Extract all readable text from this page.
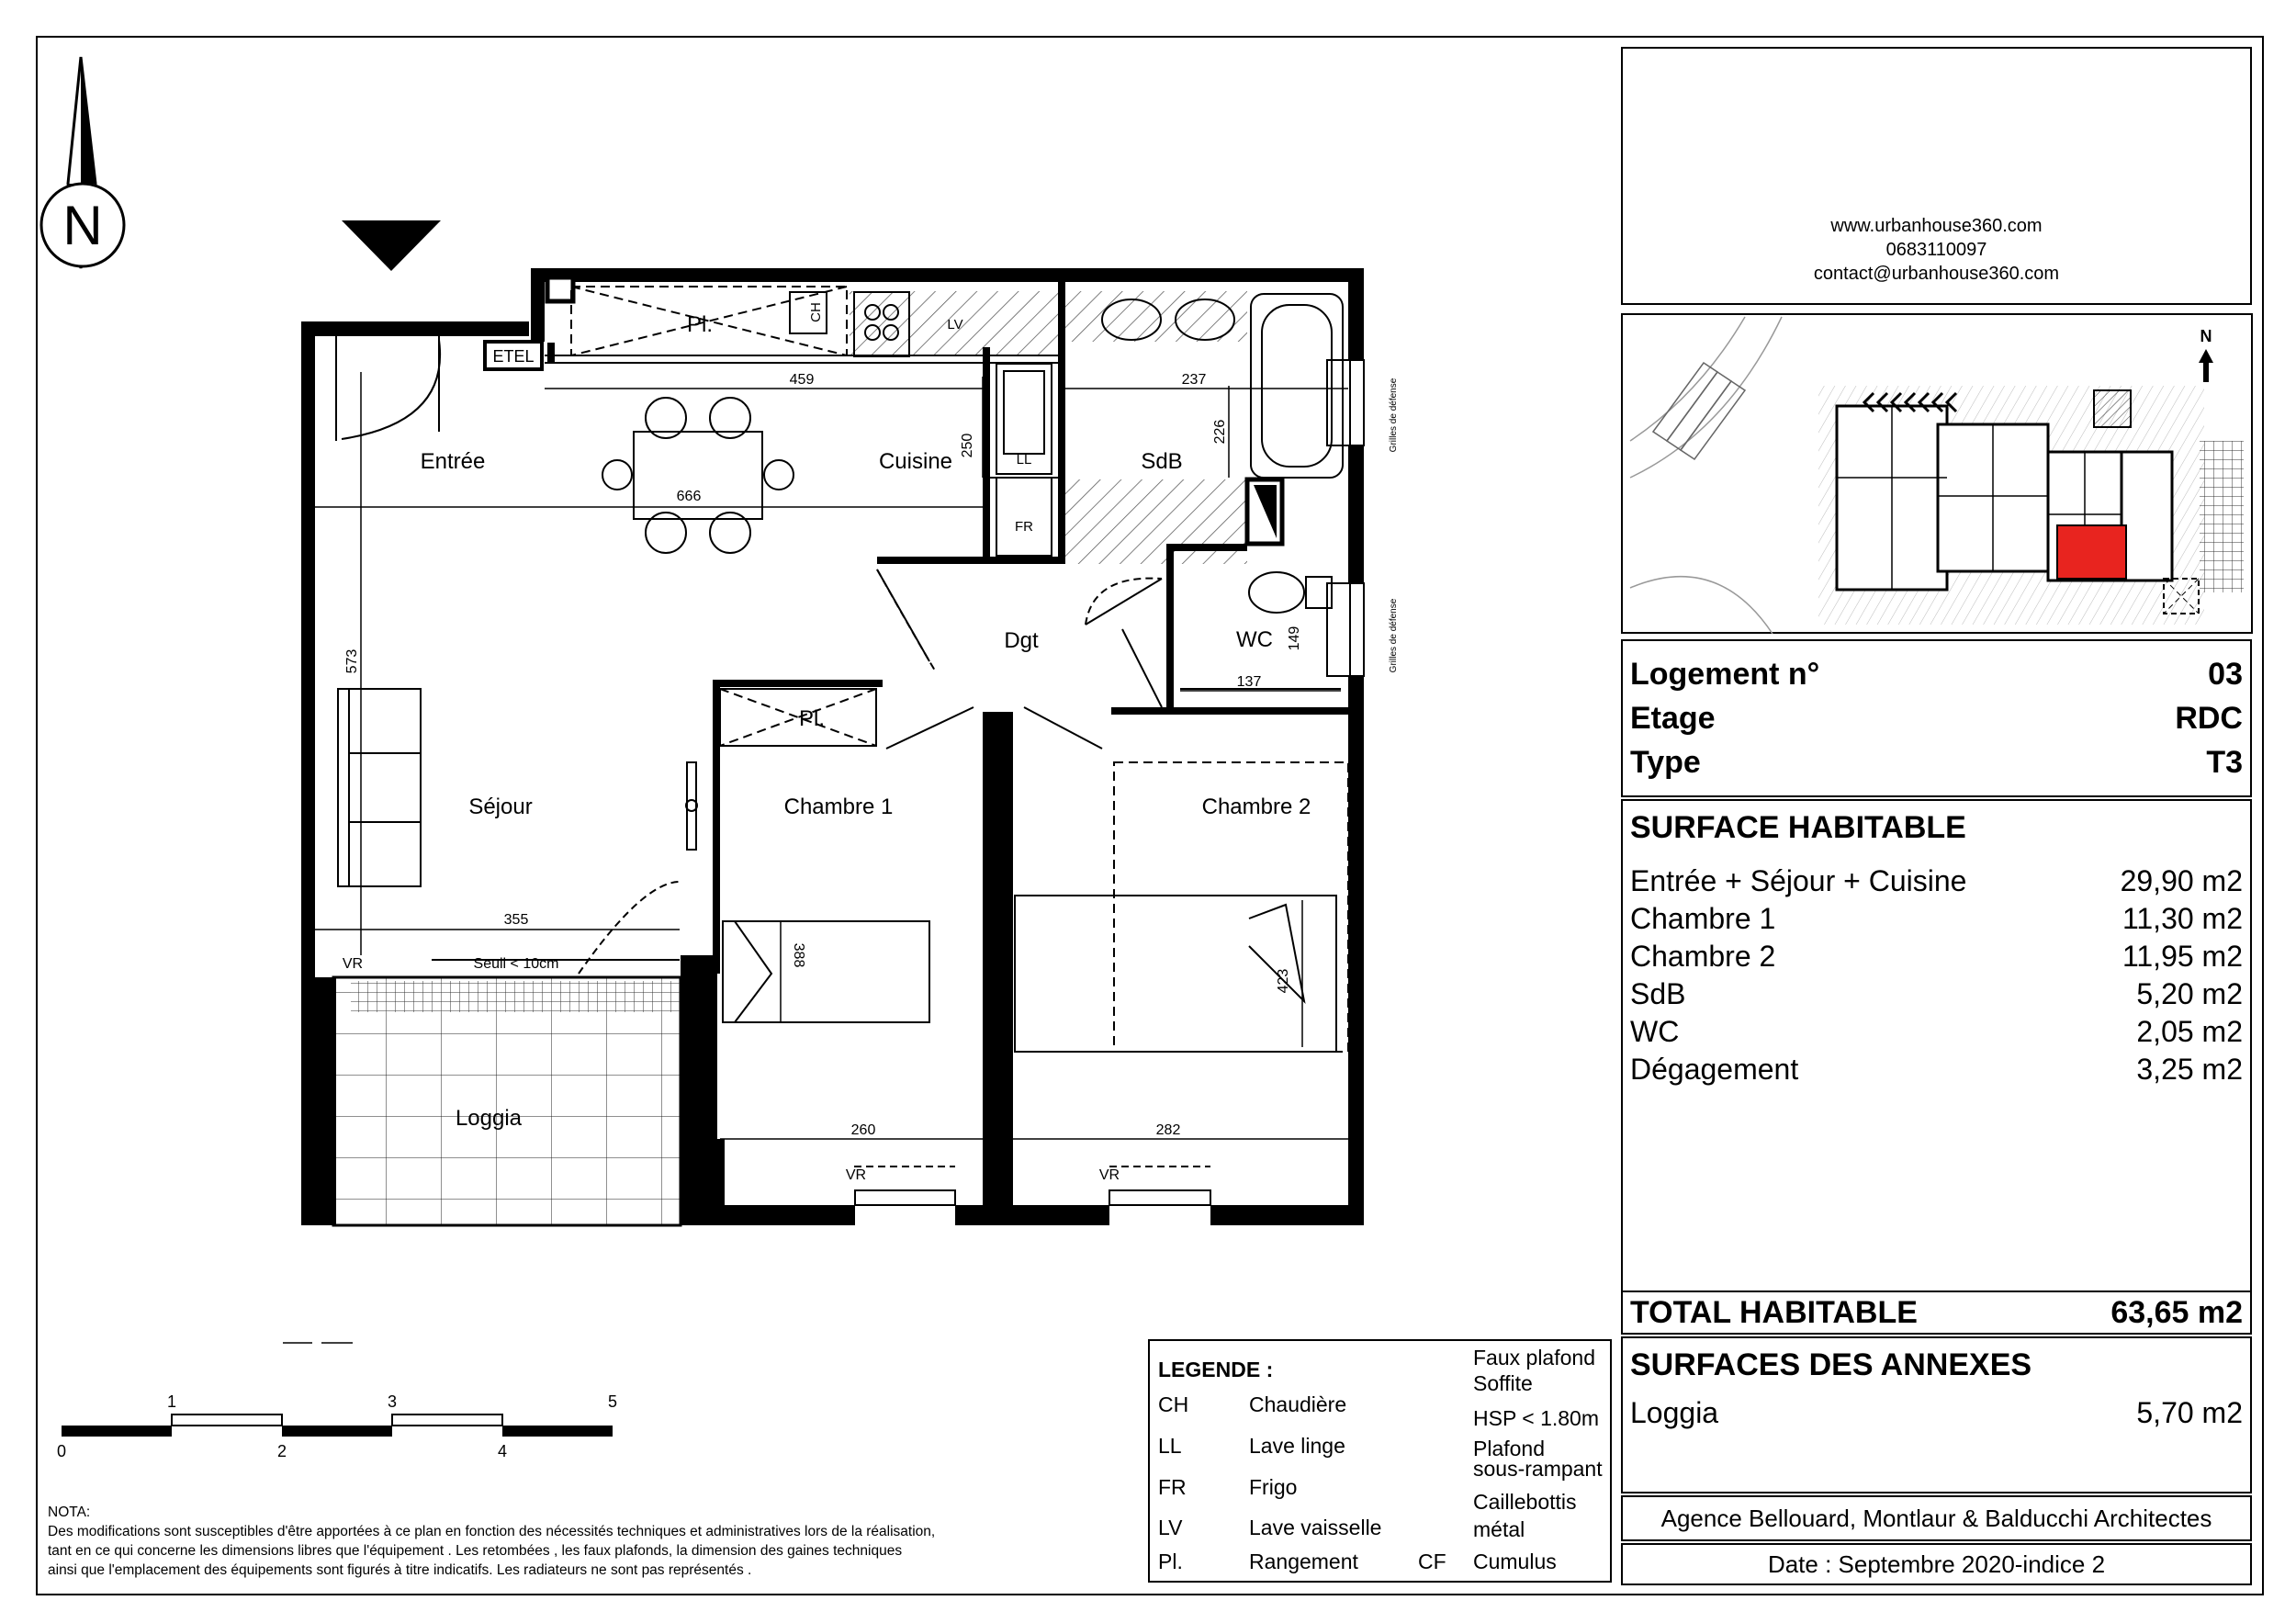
N
Entrée	Cuisine	SdB
Séjour
Dgt	WC
Chambre 1	Chambre 2
Loggia
Pl.
Pl.
ETEL
CH
LV
LL
FR
VR
VR	VR
Seuil < 10cm
Grilles de défense
Grilles de défense
459	237
226
250
666
573
355
388
423
149
137
260	282
1	3	5
0	2	4
N
www.urbanhouse360.com
0683110097
contact@urbanhouse360.com
Logement n°	03
Etage	RDC
Type	T3
SURFACE HABITABLE
Entrée + Séjour + Cuisine	29,90 m2
Chambre 1	11,30 m2
Chambre 2	11,95 m2
SdB	5,20 m2
WC	2,05 m2
Dégagement	3,25 m2
TOTAL HABITABLE	63,65 m2
SURFACES DES ANNEXES
Loggia	5,70 m2
Agence Bellouard, Montlaur & Balducchi Architectes
Date : Septembre 2020-indice 2
LEGENDE :
CH	Chaudière
LL	Lave linge
FR	Frigo
LV	Lave vaisselle
Pl.	Rangement
Faux plafond
Soffite
HSP < 1.80m
Plafond
sous-rampant
Caillebottis
métal
CF Cumulus
NOTA:
Des modifications sont susceptibles d'être apportées à ce plan en fonction des nécessités techniques et administratives lors de la réalisation,
tant en ce qui concerne les dimensions libres que l'équipement . Les retombées , les faux plafonds, la dimension des gaines techniques
ainsi que l'emplacement des équipements sont figurés à titre indicatifs. Les radiateurs ne sont pas représentés .
